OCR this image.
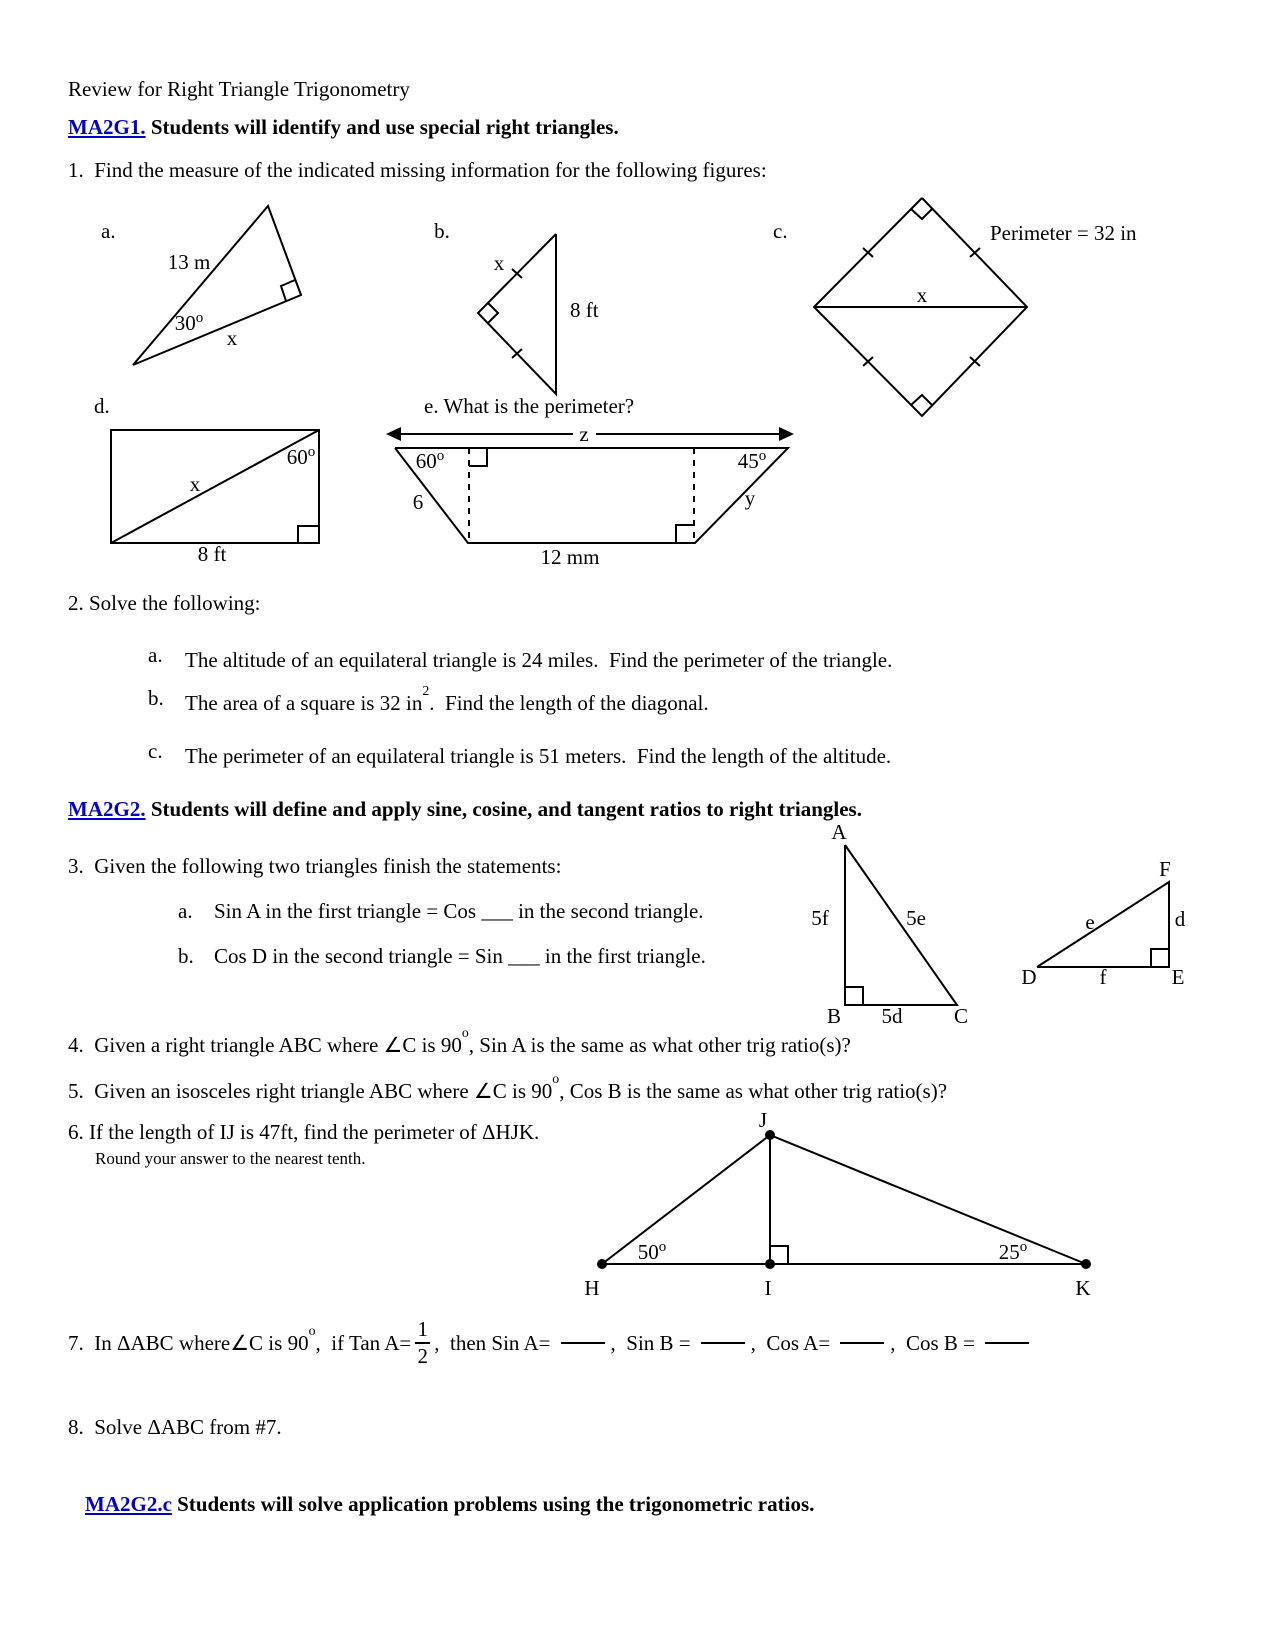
Review for Right Triangle Trigonometry
MA2G1. Students will identify and use special right triangles.
1.  Find the measure of the indicated missing information for the following figures:
a.
13 m
30$^o$
x
b.
x
8 ft
c.
x
Perimeter = 32 in
d.
60$^o$
x
8 ft
e. What is the perimeter?
z
60$^o$
6
45$^o$
y
12 mm
2. Solve the following:
a. The altitude of an equilateral triangle is 24 miles.  Find the perimeter of the triangle.
b. The area of a square is 32 $in^2$.  Find the length of the diagonal.
c. The perimeter of an equilateral triangle is 51 meters.  Find the length of the altitude.
MA2G2. Students will define and apply sine, cosine, and tangent ratios to right triangles.
3.  Given the following two triangles finish the statements:
a. Sin A in the first triangle = Cos ___ in the second triangle.
b. Cos D in the second triangle = Sin ___ in the first triangle.
A
5f	5e
B 5d C
F
e	d
D	f	E
4.  Given a right triangle ABC where ∠C is 90$^o$, Sin A is the same as what other trig ratio(s)?
5.  Given an isosceles right triangle ABC where ∠C is 90$^o$, Cos B is the same as what other trig ratio(s)?
6. If the length of IJ is 47ft, find the perimeter of ΔHJK.
Round your answer to the nearest tenth.
J
50$^o$	25$^o$
H	I	K
7.  In ΔABC where∠C is 90$^o$,  if Tan $A= \frac{1}{2}$ ,  then Sin A=	,  Sin B =	,  Cos A=	,  Cos B =
8.  Solve ΔABC from #7.
MA2G2.c Students will solve application problems using the trigonometric ratios.
